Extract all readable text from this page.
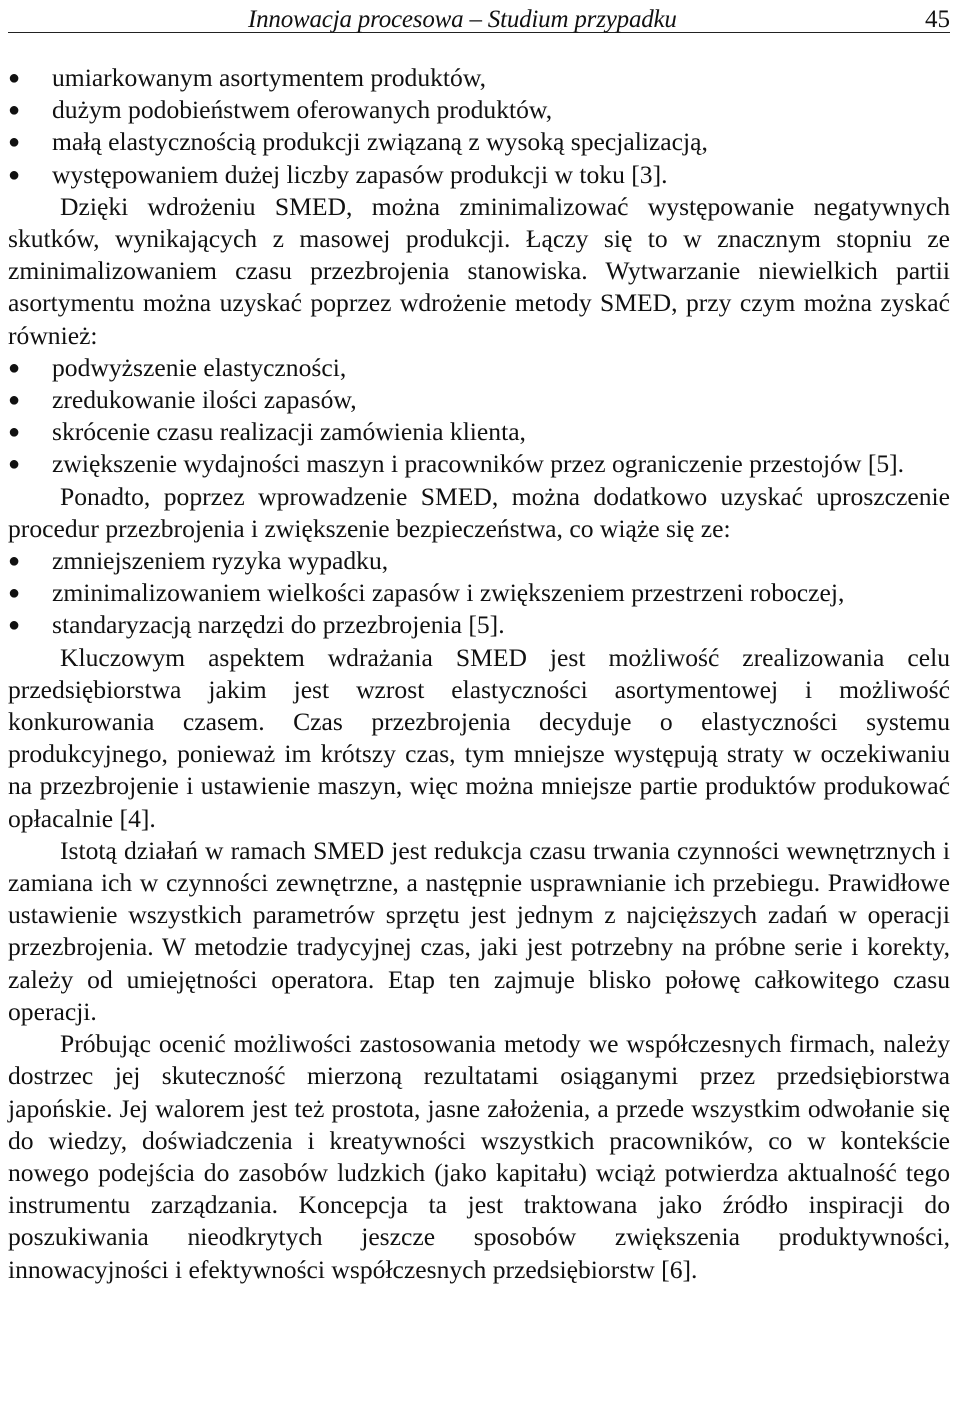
Innowacja procesowa – Studium przypadku	45
●	umiarkowanym asortymentem produktów,
●	dużym podobieństwem oferowanych produktów,
●	małą elastycznością produkcji związaną z wysoką specjalizacją,
●	występowaniem dużej liczby zapasów produkcji w toku [3].

Dzięki wdrożeniu SMED, można zminimalizować występowanie negatywnych skutków, wynikających z masowej produkcji. Łączy się to w znacznym stopniu ze zminimalizowaniem czasu przezbrojenia stanowiska. Wytwarzanie niewielkich partii asortymentu można uzyskać poprzez wdrożenie metody SMED, przy czym można zyskać również:

●	podwyższenie elastyczności,
●	zredukowanie ilości zapasów,
●	skrócenie czasu realizacji zamówienia klienta,
●	zwiększenie wydajności maszyn i pracowników przez ograniczenie przestojów [5].

Ponadto, poprzez wprowadzenie SMED, można dodatkowo uzyskać uproszczenie procedur przezbrojenia i zwiększenie bezpieczeństwa, co wiąże się ze:

●	zmniejszeniem ryzyka wypadku,
●	zminimalizowaniem wielkości zapasów i zwiększeniem przestrzeni roboczej,
●	standaryzacją narzędzi do przezbrojenia [5].

Kluczowym aspektem wdrażania SMED jest możliwość zrealizowania celu przedsiębiorstwa jakim jest wzrost elastyczności asortymentowej i możliwość konkurowania czasem. Czas przezbrojenia decyduje o elastyczności systemu produkcyjnego, ponieważ im krótszy czas, tym mniejsze występują straty w oczekiwaniu na przezbrojenie i ustawienie maszyn, więc można mniejsze partie produktów produkować opłacalnie [4].

Istotą działań w ramach SMED jest redukcja czasu trwania czynności wewnętrznych i zamiana ich w czynności zewnętrzne, a następnie usprawnianie ich przebiegu. Prawidłowe ustawienie wszystkich parametrów sprzętu jest jednym z najcięższych zadań w operacji przezbrojenia. W metodzie tradycyjnej czas, jaki jest potrzebny na próbne serie i korekty, zależy od umiejętności operatora. Etap ten zajmuje blisko połowę całkowitego czasu operacji.

Próbując ocenić możliwości zastosowania metody we współczesnych firmach, należy dostrzec jej skuteczność mierzoną rezultatami osiąganymi przez przedsiębiorstwa japońskie. Jej walorem jest też prostota, jasne założenia, a przede wszystkim odwołanie się do wiedzy, doświadczenia i kreatywności wszystkich pracowników, co w kontekście nowego podejścia do zasobów ludzkich (jako kapitału) wciąż potwierdza aktualność tego instrumentu zarządzania. Koncepcja ta jest traktowana jako źródło inspiracji do poszukiwania nieodkrytych jeszcze sposobów zwiększenia produktywności, innowacyjności i efektywności współczesnych przedsiębiorstw [6].
